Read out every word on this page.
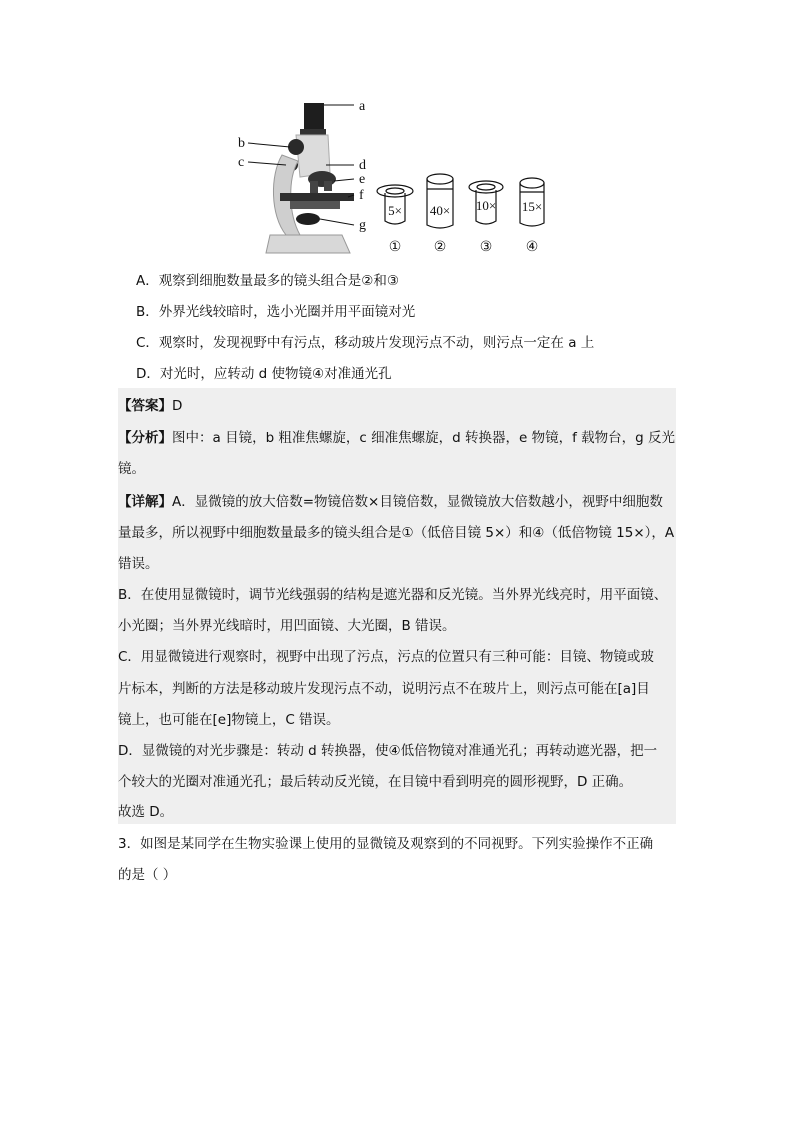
a
b
c	d
e
f
g
5× 40× 10× 15×
① ② ③ ④
A．观察到细胞数量最多的镜头组合是②和③
B．外界光线较暗时，选小光圈并用平面镜对光
C．观察时，发现视野中有污点，移动玻片发现污点不动，则污点一定在 a 上
D．对光时，应转动 d 使物镜④对准通光孔
【答案】D
【分析】图中：a 目镜，b 粗准焦螺旋，c 细准焦螺旋，d 转换器，e 物镜，f 载物台，g 反光
镜。
【详解】A．显微镜的放大倍数=物镜倍数×目镜倍数，显微镜放大倍数越小，视野中细胞数
量最多，所以视野中细胞数量最多的镜头组合是①（低倍目镜 5×）和④（低倍物镜 15×），A
错误。
B．在使用显微镜时，调节光线强弱的结构是遮光器和反光镜。当外界光线亮时，用平面镜、
小光圈；当外界光线暗时，用凹面镜、大光圈，B 错误。
C．用显微镜进行观察时，视野中出现了污点，污点的位置只有三种可能：目镜、物镜或玻
片标本，判断的方法是移动玻片发现污点不动，说明污点不在玻片上，则污点可能在[a]目
镜上，也可能在[e]物镜上，C 错误。
D．显微镜的对光步骤是：转动 d 转换器，使④低倍物镜对准通光孔；再转动遮光器，把一
个较大的光圈对准通光孔；最后转动反光镜，在目镜中看到明亮的圆形视野，D 正确。
故选 D。
3．如图是某同学在生物实验课上使用的显微镜及观察到的不同视野。下列实验操作不正确
的是（ ）
